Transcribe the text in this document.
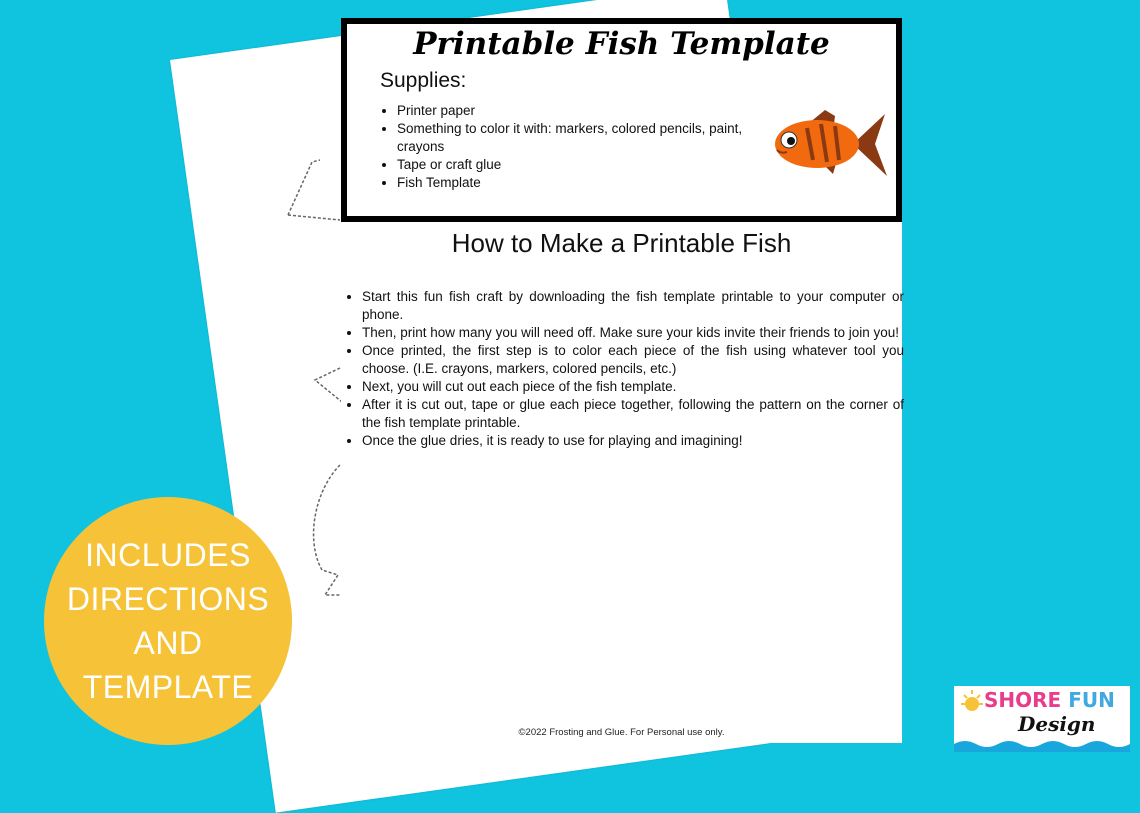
Printable Fish Template
Supplies:
• Printer paper
• Something to color it with: markers, colored pencils, paint, crayons
• Tape or craft glue
• Fish Template
How to Make a Printable Fish
• Start this fun fish craft by downloading the fish template printable to your computer or phone.
• Then, print how many you will need off. Make sure your kids invite their friends to join you!
• Once printed, the first step is to color each piece of the fish using whatever tool you choose. (I.E. crayons, markers, colored pencils, etc.)
• Next, you will cut out each piece of the fish template.
• After it is cut out, tape or glue each piece together, following the pattern on the corner of the fish template printable.
• Once the glue dries, it is ready to use for playing and imagining!
©2022 Frosting and Glue. For Personal use only.
INCLUDES
DIRECTIONS
AND
TEMPLATE	SHORE FUN
Design
